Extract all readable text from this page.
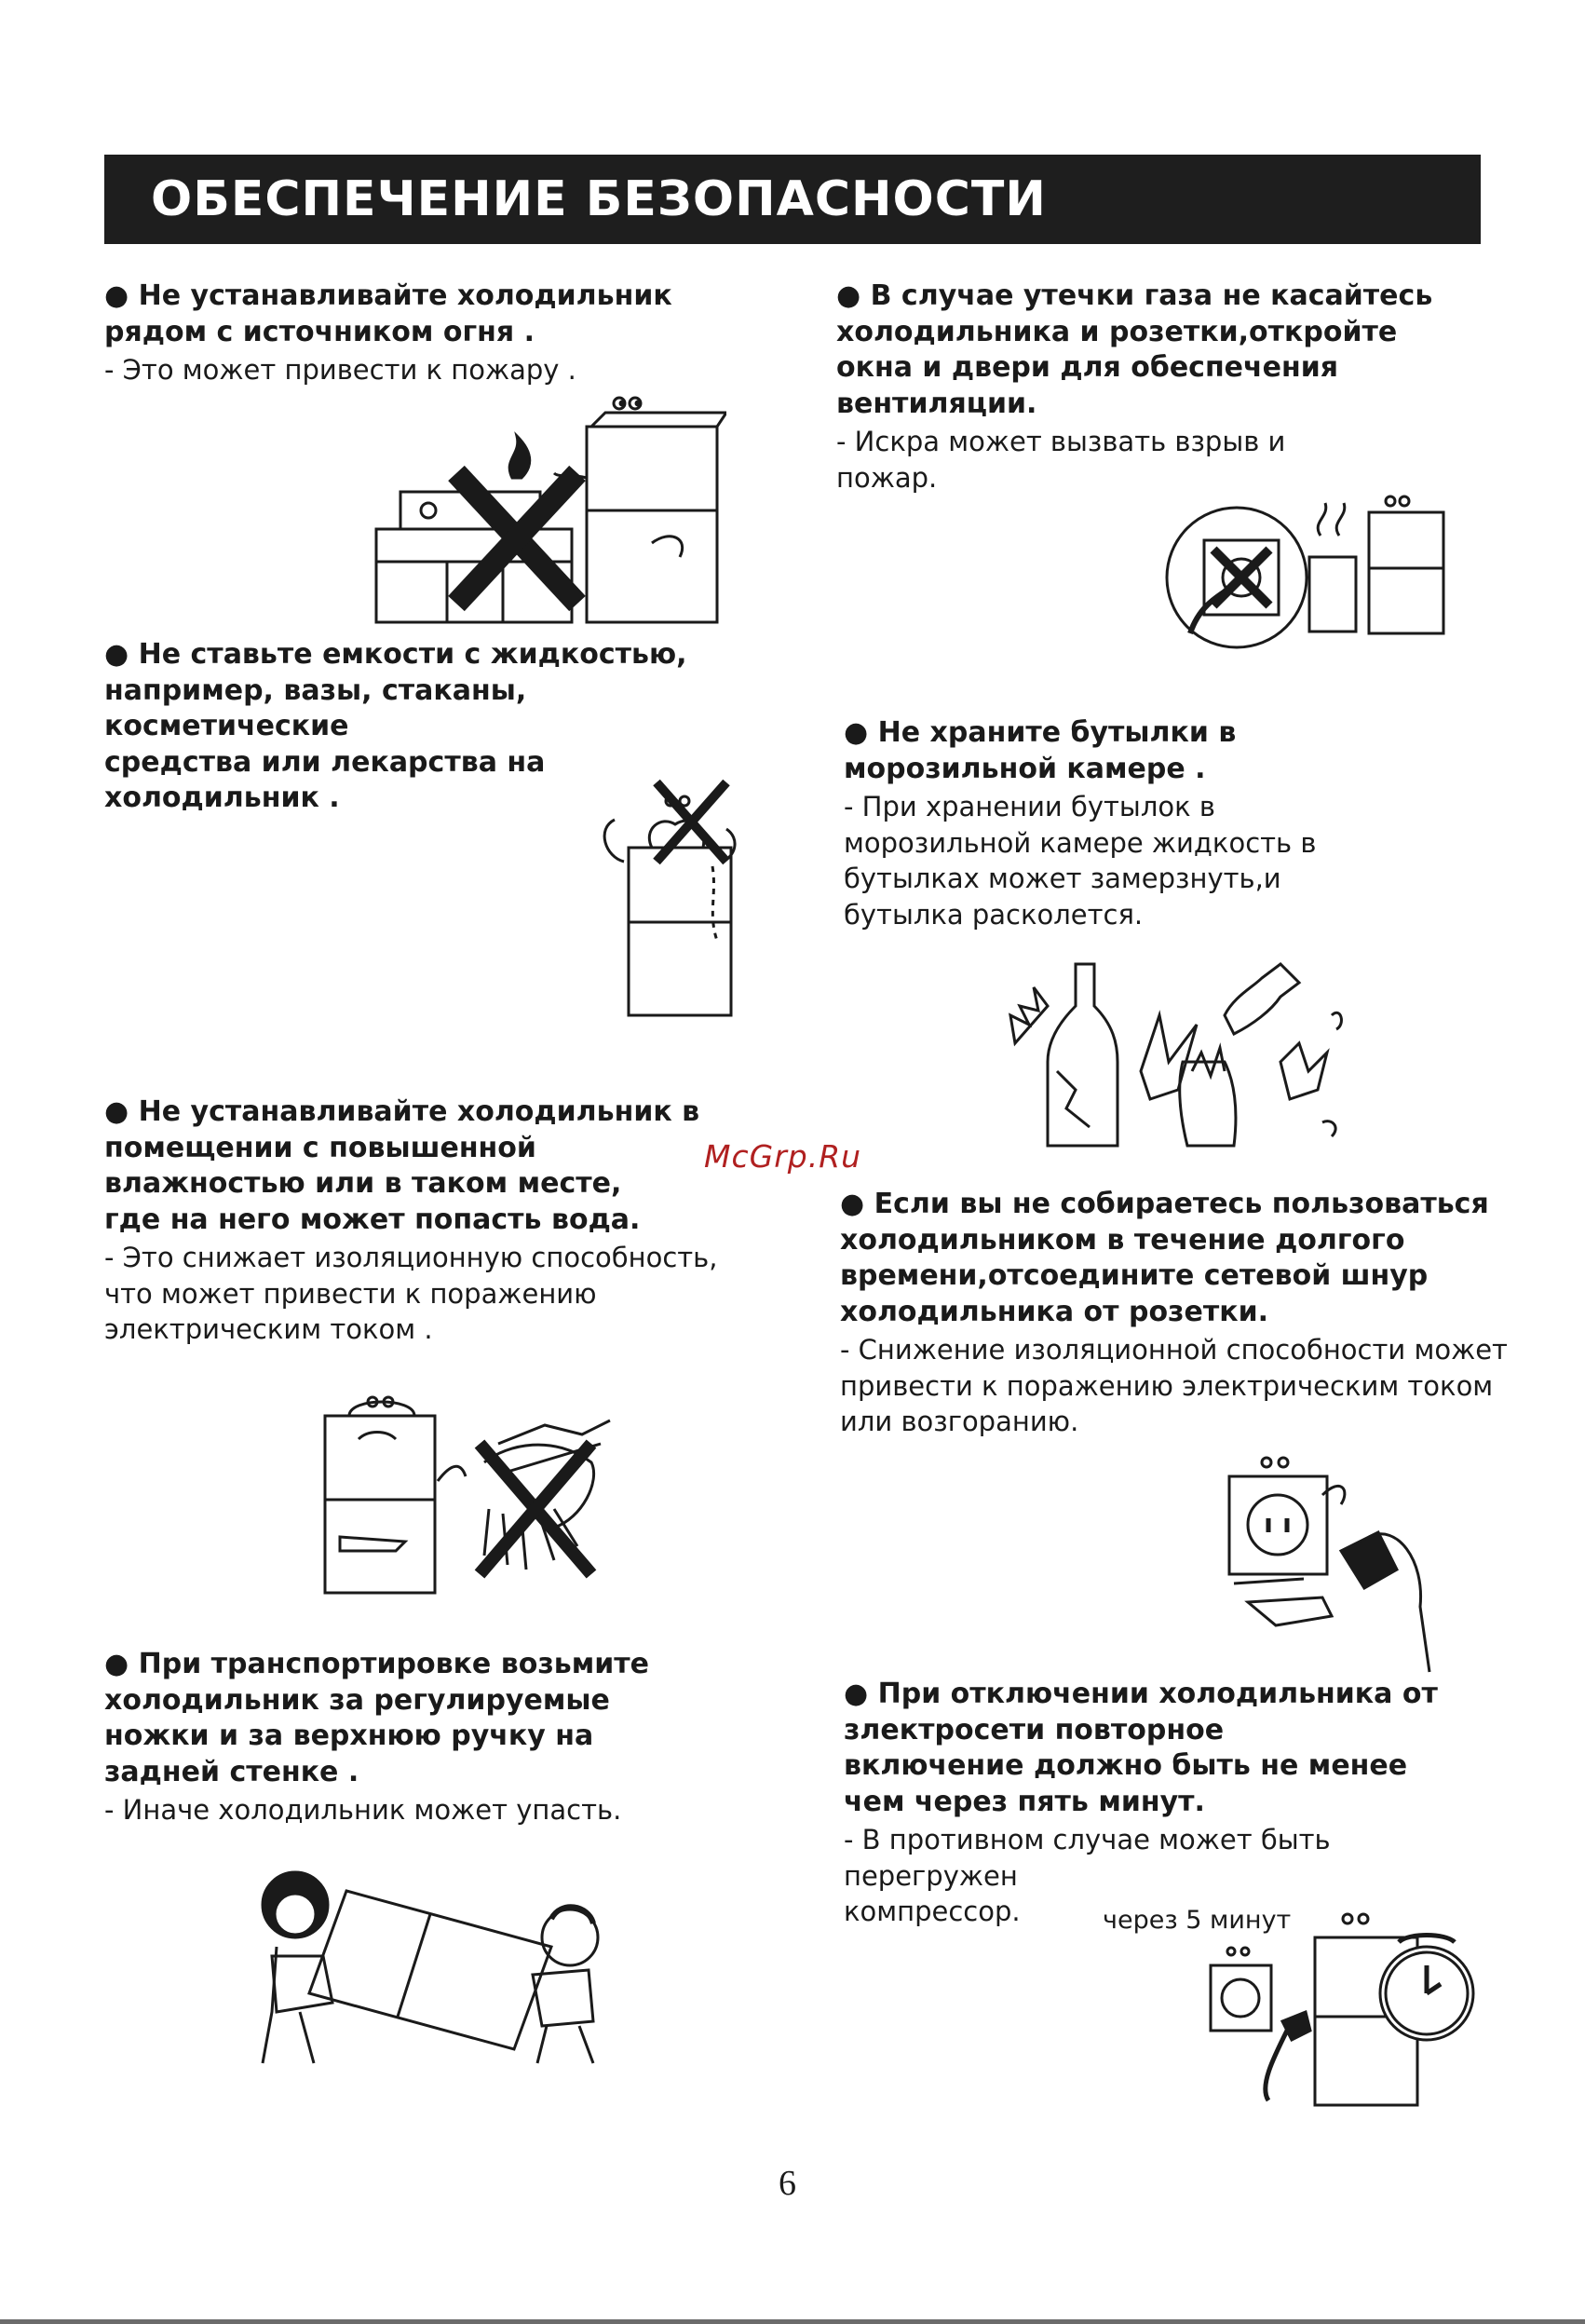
ОБЕСПЕЧЕНИЕ БЕЗОПАСНОСТИ
● Не устанавливайте холодильник
рядом с источником огня .
- Это может привести к пожару .
● В случае утечки газа не касайтесь
холодильника и розетки,откройте
окна и двери для обеспечения
вентиляции.
- Искра может вызвать взрыв и
пожар.
● Не ставьте емкости с жидкостью,
например, вазы, стаканы,
косметические
средства или лекарства на
холодильник .
● Не храните бутылки в
морозильной камере .
- При хранении бутылок в
морозильной камере жидкость в
бутылках может замерзнуть,и
бутылка расколется.
● Не устанавливайте холодильник в
помещении с повышенной
влажностью или в таком месте,
где на него может попасть вода.
- Это снижает изоляционную способность,
что может привести к поражению
электрическим током .
● Если вы не собираетесь пользоваться
холодильником в течение долгого
времени,отсоедините сетевой шнур
холодильника от розетки.
- Снижение изоляционной способности может
привести к поражению электрическим током
или возгоранию.
● При транспортировке возьмите
холодильник за регулируемые
ножки и за верхнюю ручку на
задней стенке .
- Иначе холодильник может упасть.
● При отключении холодильника от
злектросети повторное
включение должно быть не менее
чем через пять минут.
- В противном случае может быть
перегружен
компрессор.	через 5 минут
McGrp.Ru
6
